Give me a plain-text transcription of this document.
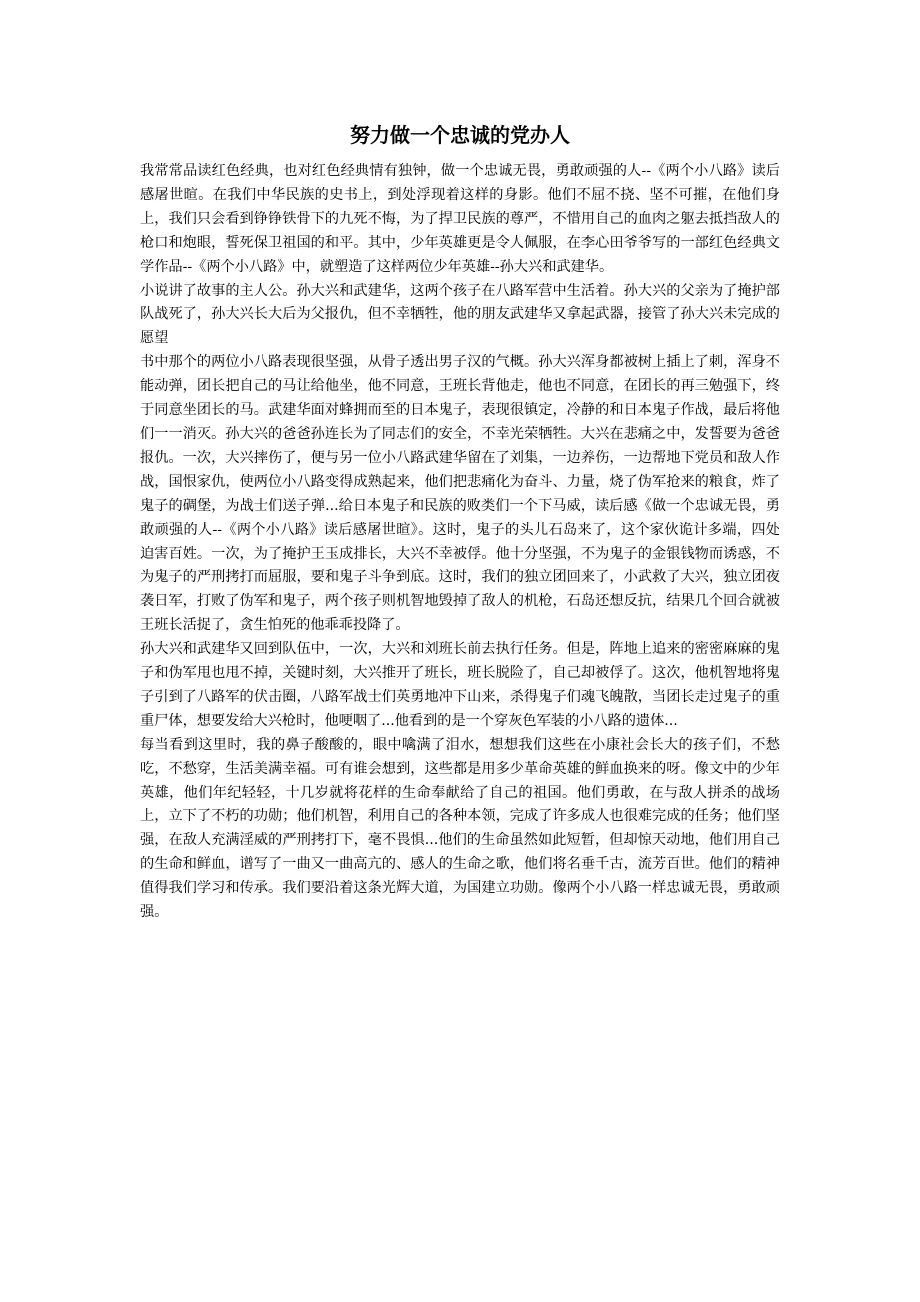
努力做一个忠诚的党办人

我常常品读红色经典，也对红色经典情有独钟，做一个忠诚无畏，勇敢顽强的人--《两个小八路》读后感屠世暄。在我们中华民族的史书上，到处浮现着这样的身影。他们不屈不挠、坚不可摧，在他们身上，我们只会看到铮铮铁骨下的九死不悔，为了捍卫民族的尊严，不惜用自己的血肉之躯去抵挡敌人的枪口和炮眼，誓死保卫祖国的和平。其中，少年英雄更是令人佩服，在李心田爷爷写的一部红色经典文学作品--《两个小八路》中，就塑造了这样两位少年英雄--孙大兴和武建华。

小说讲了故事的主人公。孙大兴和武建华，这两个孩子在八路军营中生活着。孙大兴的父亲为了掩护部队战死了，孙大兴长大后为父报仇，但不幸牺牲，他的朋友武建华又拿起武器，接管了孙大兴未完成的愿望

书中那个的两位小八路表现很坚强，从骨子透出男子汉的气概。孙大兴浑身都被树上插上了刺，浑身不能动弹，团长把自己的马让给他坐，他不同意，王班长背他走，他也不同意，在团长的再三勉强下，终于同意坐团长的马。武建华面对蜂拥而至的日本鬼子，表现很镇定，冷静的和日本鬼子作战，最后将他们一一消灭。孙大兴的爸爸孙连长为了同志们的安全，不幸光荣牺牲。大兴在悲痛之中，发誓要为爸爸报仇。一次，大兴摔伤了，便与另一位小八路武建华留在了刘集，一边养伤，一边帮地下党员和敌人作战，国恨家仇，使两位小八路变得成熟起来，他们把悲痛化为奋斗、力量，烧了伪军抢来的粮食，炸了鬼子的碉堡，为战士们送子弹...给日本鬼子和民族的败类们一个下马威，读后感《做一个忠诚无畏，勇敢顽强的人--《两个小八路》读后感屠世暄》。这时，鬼子的头儿石岛来了，这个家伙诡计多端，四处迫害百姓。一次，为了掩护王玉成排长，大兴不幸被俘。他十分坚强，不为鬼子的金银钱物而诱惑，不为鬼子的严刑拷打而屈服，要和鬼子斗争到底。这时，我们的独立团回来了，小武救了大兴，独立团夜袭日军，打败了伪军和鬼子，两个孩子则机智地毁掉了敌人的机枪，石岛还想反抗，结果几个回合就被王班长活捉了，贪生怕死的他乖乖投降了。

孙大兴和武建华又回到队伍中，一次，大兴和刘班长前去执行任务。但是，阵地上追来的密密麻麻的鬼子和伪军甩也甩不掉，关键时刻，大兴推开了班长，班长脱险了，自己却被俘了。这次，他机智地将鬼子引到了八路军的伏击圈，八路军战士们英勇地冲下山来，杀得鬼子们魂飞魄散，当团长走过鬼子的重重尸体，想要发给大兴枪时，他哽咽了...他看到的是一个穿灰色军装的小八路的遗体...

每当看到这里时，我的鼻子酸酸的，眼中噙满了泪水，想想我们这些在小康社会长大的孩子们，不愁吃，不愁穿，生活美满幸福。可有谁会想到，这些都是用多少革命英雄的鲜血换来的呀。像文中的少年英雄，他们年纪轻轻，十几岁就将花样的生命奉献给了自己的祖国。他们勇敢，在与敌人拼杀的战场上，立下了不朽的功勋；他们机智，利用自己的各种本领，完成了许多成人也很难完成的任务；他们坚强，在敌人充满淫威的严刑拷打下，毫不畏惧...他们的生命虽然如此短暂，但却惊天动地，他们用自己的生命和鲜血，谱写了一曲又一曲高亢的、感人的生命之歌，他们将名垂千古，流芳百世。他们的精神值得我们学习和传承。我们要沿着这条光辉大道，为国建立功勋。像两个小八路一样忠诚无畏，勇敢顽强。
